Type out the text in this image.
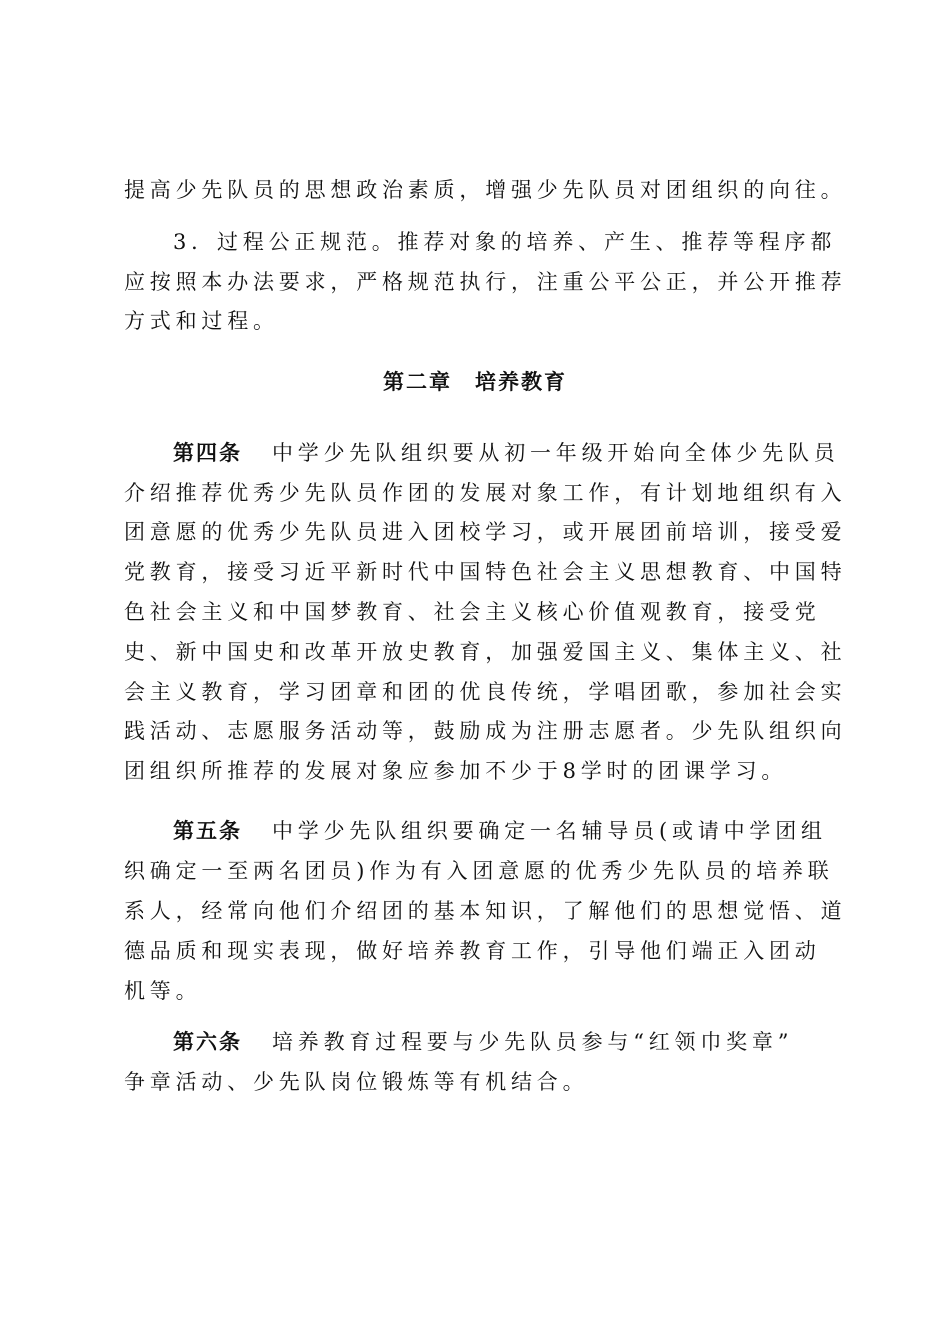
提高少先队员的思想政治素质，增强少先队员对团组织的向往。
3．过程公正规范。推荐对象的培养、产生、推荐等程序都
应按照本办法要求，严格规范执行，注重公平公正，并公开推荐
方式和过程。
第二章　培养教育
第四条 中学少先队组织要从初一年级开始向全体少先队员
介绍推荐优秀少先队员作团的发展对象工作，有计划地组织有入
团意愿的优秀少先队员进入团校学习，或开展团前培训，接受爱
党教育，接受习近平新时代中国特色社会主义思想教育、中国特
色社会主义和中国梦教育、社会主义核心价值观教育，接受党
史、新中国史和改革开放史教育，加强爱国主义、集体主义、社
会主义教育，学习团章和团的优良传统，学唱团歌，参加社会实
践活动、志愿服务活动等，鼓励成为注册志愿者。少先队组织向
团组织所推荐的发展对象应参加不少于8学时的团课学习。
第五条 中学少先队组织要确定一名辅导员(或请中学团组
织确定一至两名团员)作为有入团意愿的优秀少先队员的培养联
系人，经常向他们介绍团的基本知识，了解他们的思想觉悟、道
德品质和现实表现，做好培养教育工作，引导他们端正入团动
机等。
第六条 培养教育过程要与少先队员参与“红领巾奖章”
争章活动、少先队岗位锻炼等有机结合。
